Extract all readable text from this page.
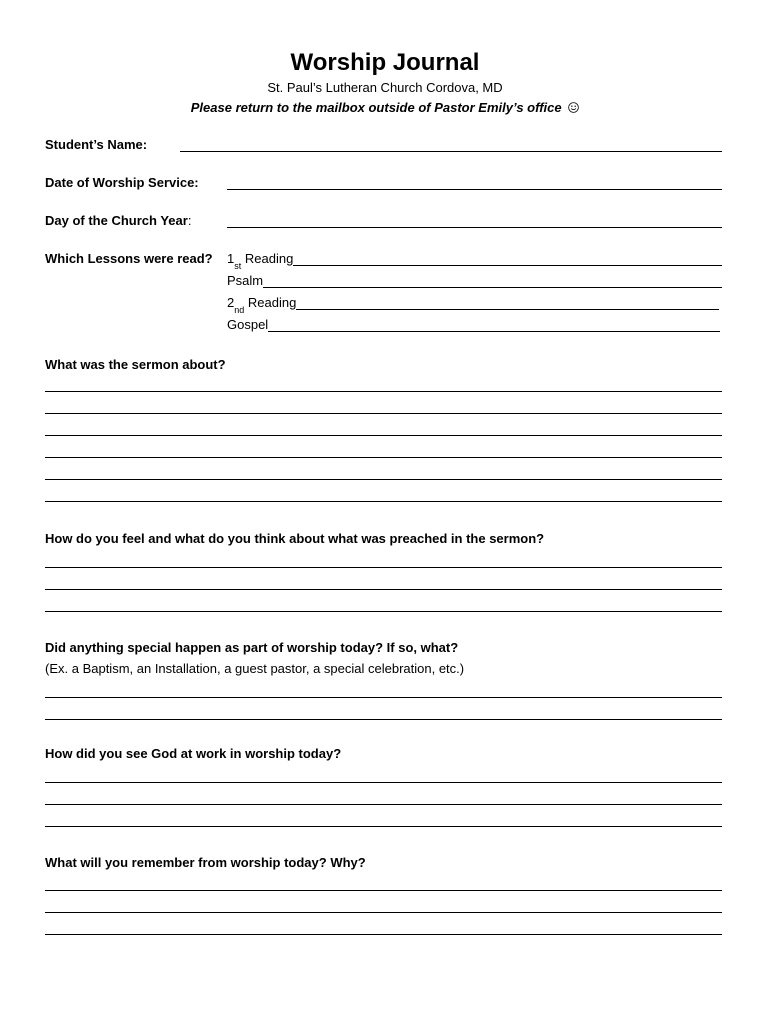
Worship Journal
St. Paul’s Lutheran Church Cordova, MD
Please return to the mailbox outside of Pastor Emily’s office
Student’s Name:
Date of Worship Service:
Day of the Church Year:
Which Lessons were read? 1 st
Reading
Psalm
2 nd
Reading
Gospel
What was the sermon about?
How do you feel and what do you think about what was preached in the sermon?
Did anything special happen as part of worship today? If so, what?
(Ex. a Baptism, an Installation, a guest pastor, a special celebration, etc.)
How did you see God at work in worship today?
What will you remember from worship today? Why?
